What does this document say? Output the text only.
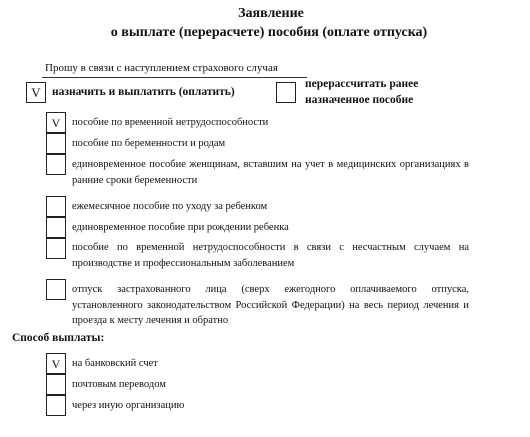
Заявление
о выплате (перерасчете) пособия (оплате отпуска)
Прошу в связи с наступлением страхового случая
V назначить и выплатить (оплатить)
перерассчитать ранее
назначенное пособие
V	пособие по временной нетрудоспособности
пособие по беременности и родам
единовременное пособие женщинам, вставшим на учет в медицинских организациях в ранние сроки беременности
ежемесячное пособие по уходу за ребенком
единовременное пособие при рождении ребенка
пособие по временной нетрудоспособности в связи с несчастным случаем на производстве и профессиональным заболеванием
отпуск застрахованного лица (сверх ежегодного оплачиваемого отпуска, установленного законодательством Российской Федерации) на весь период лечения и проезда к месту лечения и обратно
Способ выплаты:
V	на банковский счет
почтовым переводом
через иную организацию
